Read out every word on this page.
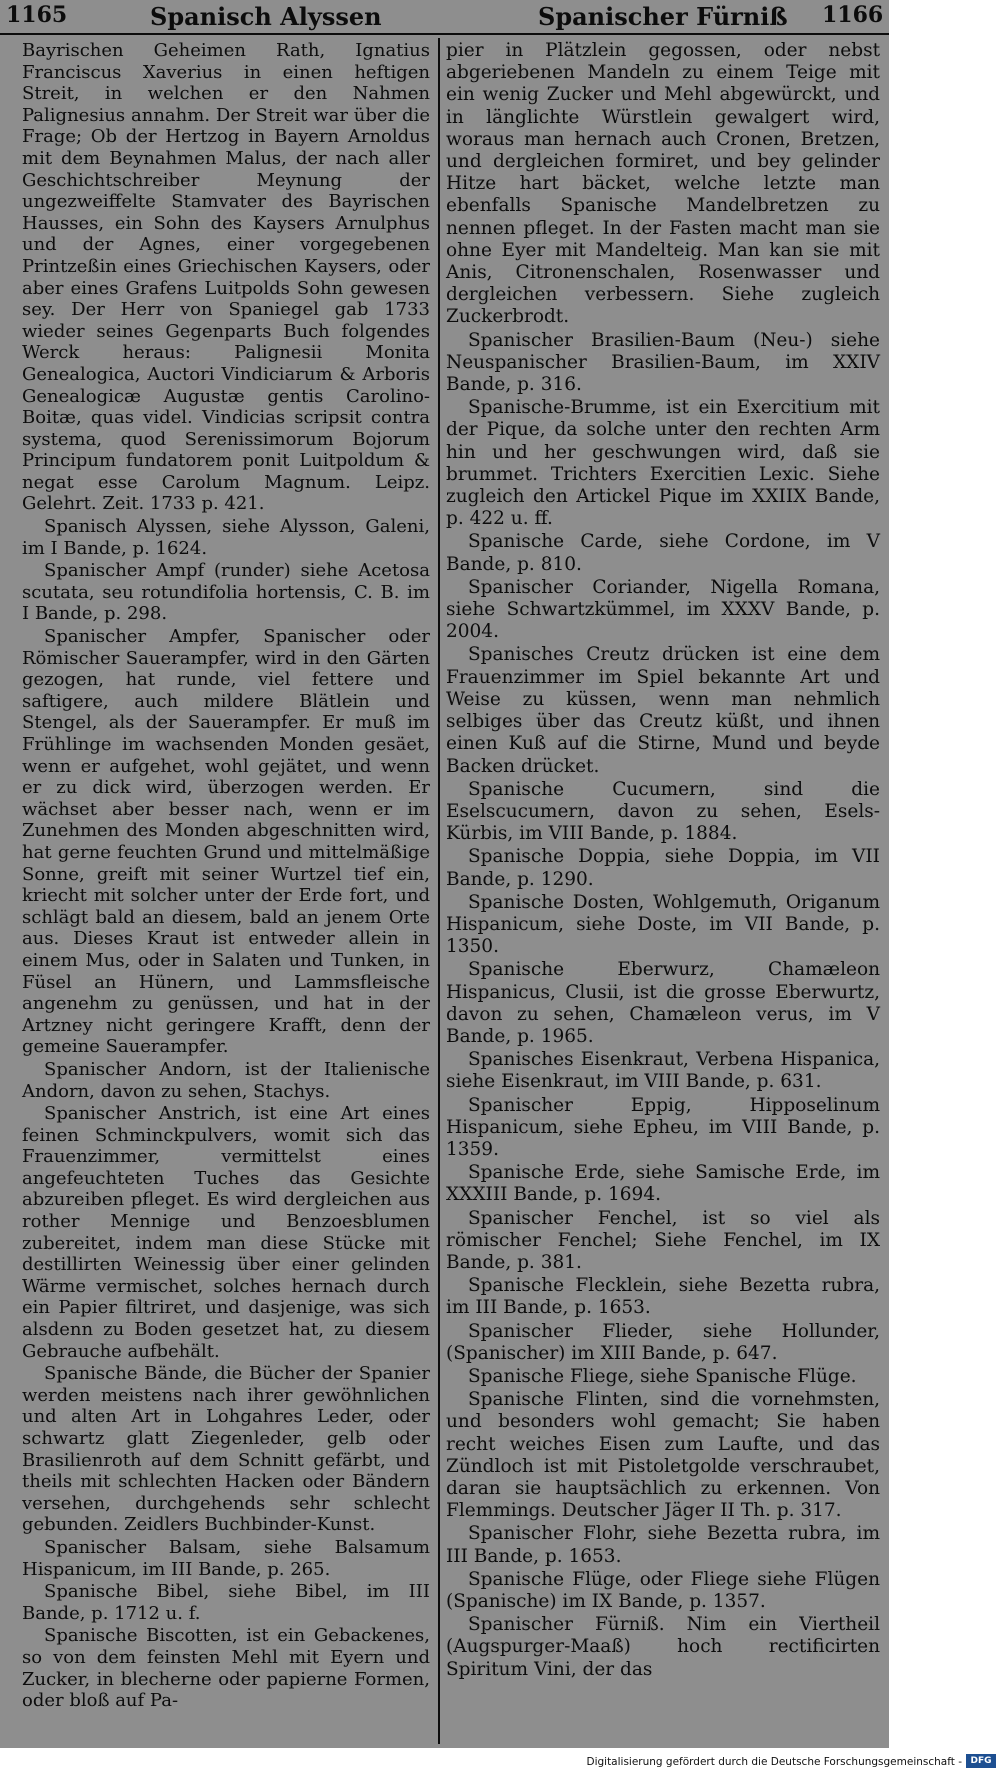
1165	Spanisch Alyssen	Spanischer Fürniß 1166

Bayrischen Geheimen Rath, Ignatius Franciscus Xaverius in einen heftigen Streit, in welchen er den Nahmen Palignesius annahm. Der Streit war über die Frage; Ob der Hertzog in Bayern Arnoldus mit dem Beynahmen Malus, der nach aller Geschichtschreiber Meynung der ungezweiffelte Stamvater des Bayrischen Hausses, ein Sohn des Kaysers Arnulphus und der Agnes, einer vorgegebenen Printzeßin eines Griechischen Kaysers, oder aber eines Grafens Luitpolds Sohn gewesen sey. Der Herr von Spaniegel gab 1733 wieder seines Gegenparts Buch folgendes Werck heraus: Palignesii Monita Genealogica, Auctori Vindiciarum & Arboris Genealogicæ Augustæ gentis Carolino-Boitæ, quas videl. Vindicias scripsit contra systema, quod Serenissimorum Bojorum Principum fundatorem ponit Luitpoldum & negat esse Carolum Magnum. Leipz. Gelehrt. Zeit. 1733 p. 421.

Spanisch Alyssen, siehe Alysson, Galeni, im I Bande, p. 1624.

Spanischer Ampf (runder) siehe Acetosa scutata, seu rotundifolia hortensis, C. B. im I Bande, p. 298.

Spanischer Ampfer, Spanischer oder Römischer Sauerampfer, wird in den Gärten gezogen, hat runde, viel fettere und saftigere, auch mildere Blätlein und Stengel, als der Sauerampfer. Er muß im Frühlinge im wachsenden Monden gesäet, wenn er aufgehet, wohl gejätet, und wenn er zu dick wird, überzogen werden. Er wächset aber besser nach, wenn er im Zunehmen des Monden abgeschnitten wird, hat gerne feuchten Grund und mittelmäßige Sonne, greift mit seiner Wurtzel tief ein, kriecht mit solcher unter der Erde fort, und schlägt bald an diesem, bald an jenem Orte aus. Dieses Kraut ist entweder allein in einem Mus, oder in Salaten und Tunken, in Füsel an Hünern, und Lammsfleische angenehm zu genüssen, und hat in der Artzney nicht geringere Krafft, denn der gemeine Sauerampfer.

Spanischer Andorn, ist der Italienische Andorn, davon zu sehen, Stachys.

Spanischer Anstrich, ist eine Art eines feinen Schminckpulvers, womit sich das Frauenzimmer, vermittelst eines angefeuchteten Tuches das Gesichte abzureiben pfleget. Es wird dergleichen aus rother Mennige und Benzoesblumen zubereitet, indem man diese Stücke mit destillirten Weinessig über einer gelinden Wärme vermischet, solches hernach durch ein Papier filtriret, und dasjenige, was sich alsdenn zu Boden gesetzet hat, zu diesem Gebrauche aufbehält.

Spanische Bände, die Bücher der Spanier werden meistens nach ihrer gewöhnlichen und alten Art in Lohgahres Leder, oder schwartz glatt Ziegenleder, gelb oder Brasilienroth auf dem Schnitt gefärbt, und theils mit schlechten Hacken oder Bändern versehen, durchgehends sehr schlecht gebunden. Zeidlers Buchbinder-Kunst.

Spanischer Balsam, siehe Balsamum Hispanicum, im III Bande, p. 265.

Spanische Bibel, siehe Bibel, im III Bande, p. 1712 u. f.

Spanische Biscotten, ist ein Gebackenes, so von dem feinsten Mehl mit Eyern und Zucker, in blecherne oder papierne Formen, oder bloß auf Pa-

pier in Plätzlein gegossen, oder nebst abgeriebenen Mandeln zu einem Teige mit ein wenig Zucker und Mehl abgewürckt, und in länglichte Würstlein gewalgert wird, woraus man hernach auch Cronen, Bretzen, und dergleichen formiret, und bey gelinder Hitze hart bäcket, welche letzte man ebenfalls Spanische Mandelbretzen zu nennen pfleget. In der Fasten macht man sie ohne Eyer mit Mandelteig. Man kan sie mit Anis, Citronenschalen, Rosenwasser und dergleichen verbessern. Siehe zugleich Zuckerbrodt.

Spanischer Brasilien-Baum (Neu-) siehe Neuspanischer Brasilien-Baum, im XXIV Bande, p. 316.

Spanische-Brumme, ist ein Exercitium mit der Pique, da solche unter den rechten Arm hin und her geschwungen wird, daß sie brummet. Trichters Exercitien Lexic. Siehe zugleich den Artickel Pique im XXIIX Bande, p. 422 u. ff.

Spanische Carde, siehe Cordone, im V Bande, p. 810.

Spanischer Coriander, Nigella Romana, siehe Schwartzkümmel, im XXXV Bande, p. 2004.

Spanisches Creutz drücken ist eine dem Frauenzimmer im Spiel bekannte Art und Weise zu küssen, wenn man nehmlich selbiges über das Creutz küßt, und ihnen einen Kuß auf die Stirne, Mund und beyde Backen drücket.

Spanische Cucumern, sind die Eselscucumern, davon zu sehen, Esels-Kürbis, im VIII Bande, p. 1884.

Spanische Doppia, siehe Doppia, im VII Bande, p. 1290.

Spanische Dosten, Wohlgemuth, Origanum Hispanicum, siehe Doste, im VII Bande, p. 1350.

Spanische Eberwurz, Chamæleon Hispanicus, Clusii, ist die grosse Eberwurtz, davon zu sehen, Chamæleon verus, im V Bande, p. 1965.

Spanisches Eisenkraut, Verbena Hispanica, siehe Eisenkraut, im VIII Bande, p. 631.

Spanischer Eppig, Hipposelinum Hispanicum, siehe Epheu, im VIII Bande, p. 1359.

Spanische Erde, siehe Samische Erde, im XXXIII Bande, p. 1694.

Spanischer Fenchel, ist so viel als römischer Fenchel; Siehe Fenchel, im IX Bande, p. 381.

Spanische Flecklein, siehe Bezetta rubra, im III Bande, p. 1653.

Spanischer Flieder, siehe Hollunder, (Spanischer) im XIII Bande, p. 647.

Spanische Fliege, siehe Spanische Flüge.

Spanische Flinten, sind die vornehmsten, und besonders wohl gemacht; Sie haben recht weiches Eisen zum Laufte, und das Zündloch ist mit Pistoletgolde verschraubet, daran sie hauptsächlich zu erkennen. Von Flemmings. Deutscher Jäger II Th. p. 317.

Spanischer Flohr, siehe Bezetta rubra, im III Bande, p. 1653.

Spanische Flüge, oder Fliege siehe Flügen (Spanische) im IX Bande, p. 1357.

Spanischer Fürniß. Nim ein Viertheil (Augspurger-Maaß) hoch rectificirten Spiritum Vini, der das

Digitalisierung gefördert durch die Deutsche Forschungsgemeinschaft - DFG
